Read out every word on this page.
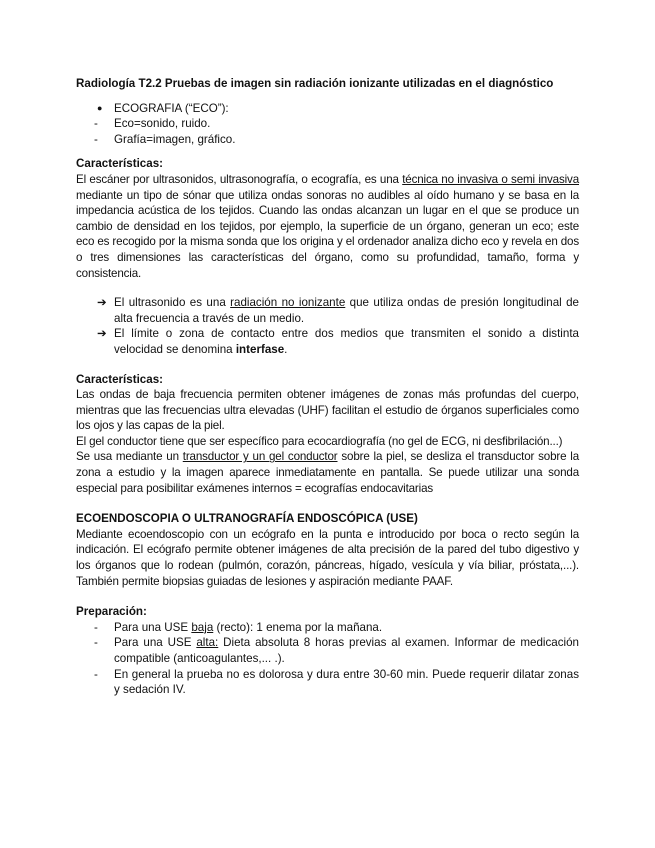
Radiología T2.2 Pruebas de imagen sin radiación ionizante utilizadas en el diagnóstico

● ECOGRAFIA (“ECO”):
- Eco=sonido, ruido.
- Grafía=imagen, gráfico.

Características:

El escáner por ultrasonidos, ultrasonografía, o ecografía, es una técnica no invasiva o semi invasiva mediante un tipo de sónar que utiliza ondas sonoras no audibles al oído humano y se basa en la impedancia acústica de los tejidos. Cuando las ondas alcanzan un lugar en el que se produce un cambio de densidad en los tejidos, por ejemplo, la superficie de un órgano, generan un eco; este eco es recogido por la misma sonda que los origina y el ordenador analiza dicho eco y revela en dos o tres dimensiones las características del órgano, como su profundidad, tamaño, forma y consistencia.

➔ El ultrasonido es una radiación no ionizante que utiliza ondas de presión longitudinal de alta frecuencia a través de un medio.
➔ El límite o zona de contacto entre dos medios que transmiten el sonido a distinta velocidad se denomina interfase.

Características:

Las ondas de baja frecuencia permiten obtener imágenes de zonas más profundas del cuerpo, mientras que las frecuencias ultra elevadas (UHF) facilitan el estudio de órganos superficiales como los ojos y las capas de la piel.

El gel conductor tiene que ser específico para ecocardiografía (no gel de ECG, ni desfibrilación...)

Se usa mediante un transductor y un gel conductor sobre la piel, se desliza el transductor sobre la zona a estudio y la imagen aparece inmediatamente en pantalla. Se puede utilizar una sonda especial para posibilitar exámenes internos = ecografías endocavitarias

ECOENDOSCOPIA O ULTRANOGRAFÍA ENDOSCÓPICA (USE)

Mediante ecoendoscopio con un ecógrafo en la punta e introducido por boca o recto según la indicación. El ecógrafo permite obtener imágenes de alta precisión de la pared del tubo digestivo y los órganos que lo rodean (pulmón, corazón, páncreas, hígado, vesícula y vía biliar, próstata,...). También permite biopsias guiadas de lesiones y aspiración mediante PAAF.

Preparación:

- Para una USE baja (recto): 1 enema por la mañana.
- Para una USE alta: Dieta absoluta 8 horas previas al examen. Informar de medicación compatible (anticoagulantes,... .).
- En general la prueba no es dolorosa y dura entre 30-60 min. Puede requerir dilatar zonas y sedación IV.
